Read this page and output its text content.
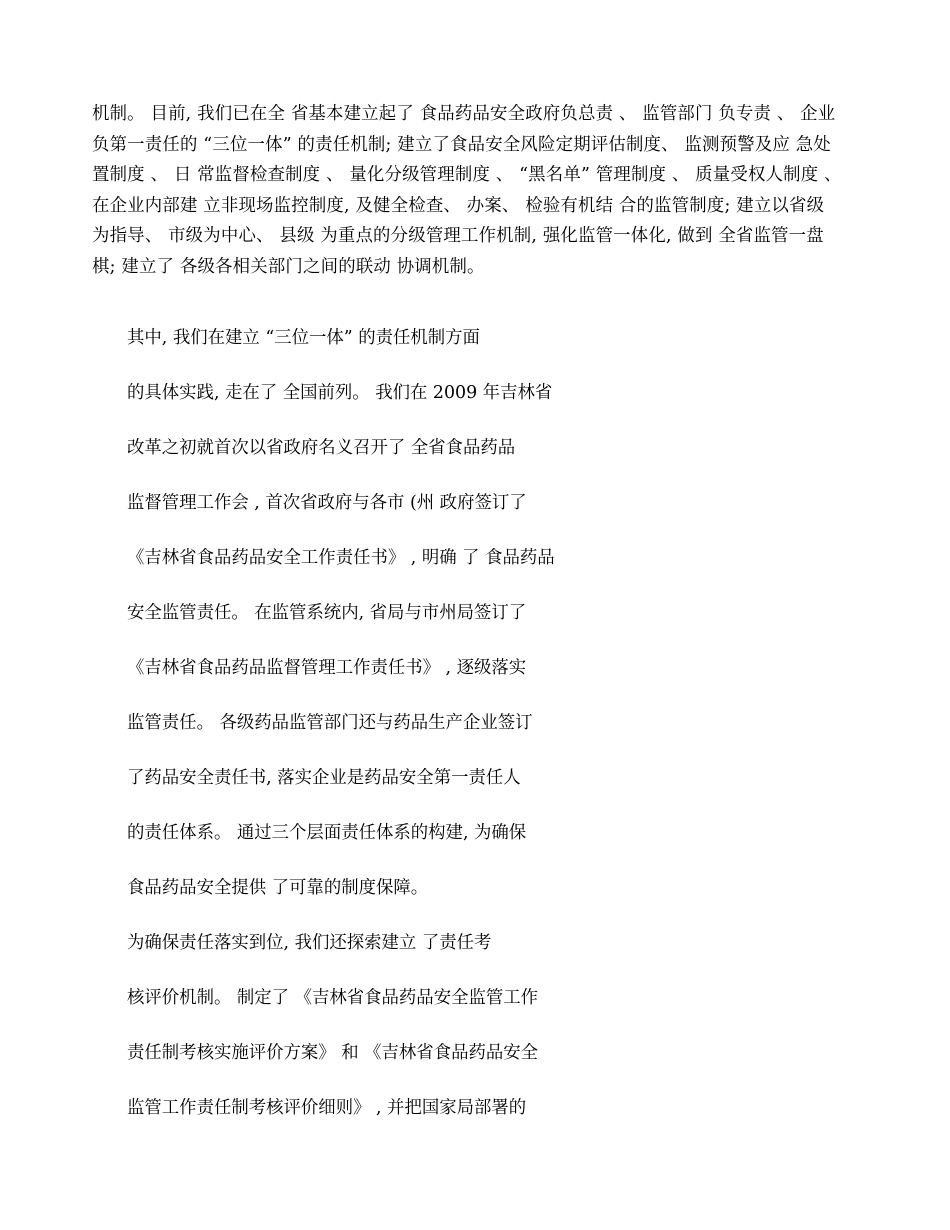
机制。 目前, 我们已在全 省基本建立起了 食品药品安全政府负总责 、 监管部门 负专责 、 企业
负第一责任的 “三位一体” 的责任机制; 建立了食品安全风险定期评估制度、 监测预警及应 急处
置制度 、 日 常监督检查制度 、 量化分级管理制度 、 “黑名单” 管理制度 、 质量受权人制度 、
在企业内部建 立非现场监控制度, 及健全检查、 办案、 检验有机结 合的监管制度; 建立以省级
为指导、 市级为中心、 县级 为重点的分级管理工作机制, 强化监管一体化, 做到 全省监管一盘
棋; 建立了 各级各相关部门之间的联动 协调机制。
其中, 我们在建立 “三位一体” 的责任机制方面
的具体实践, 走在了 全国前列。 我们在 2009 年吉林省
改革之初就首次以省政府名义召开了 全省食品药品
监督管理工作会 , 首次省政府与各市 (州 政府签订了
《吉林省食品药品安全工作责任书》 , 明确 了 食品药品
安全监管责任。 在监管系统内, 省局与市州局签订了
《吉林省食品药品监督管理工作责任书》 , 逐级落实
监管责任。 各级药品监管部门还与药品生产企业签订
了药品安全责任书, 落实企业是药品安全第一责任人
的责任体系。 通过三个层面责任体系的构建, 为确保
食品药品安全提供 了可靠的制度保障。
为确保责任落实到位, 我们还探索建立 了责任考
核评价机制。 制定了 《吉林省食品药品安全监管工作
责任制考核实施评价方案》 和 《吉林省食品药品安全
监管工作责任制考核评价细则》 , 并把国家局部署的
